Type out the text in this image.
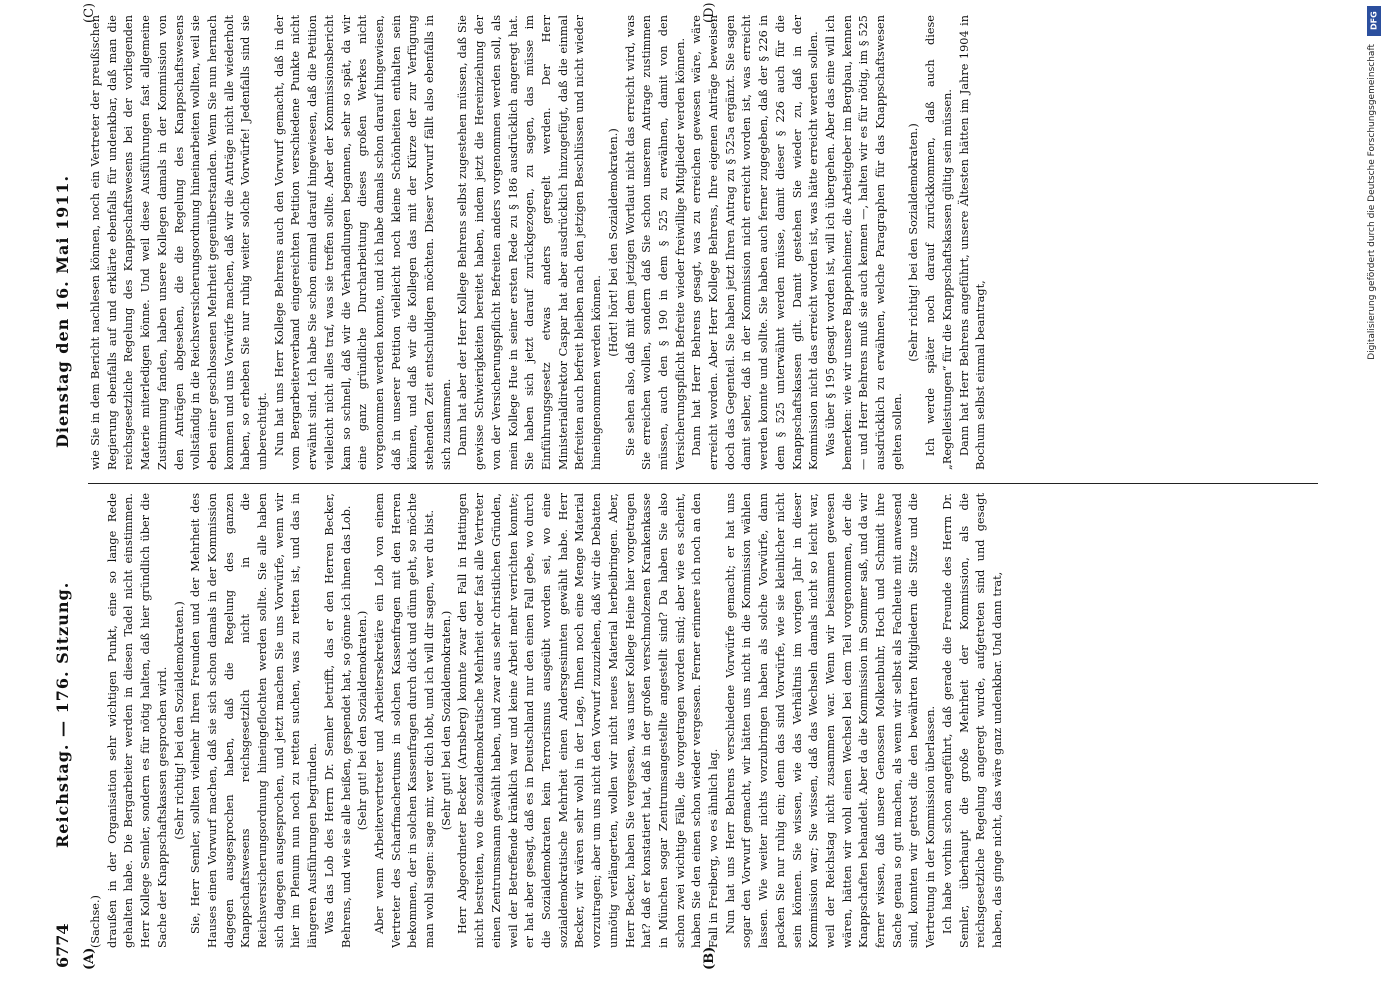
6774
Reichstag. — 176. Sitzung.
Dienstag den 16. Mai 1911.
(A)	(B)
(C)	(D)

(Sachse.) draußen in der Organisation sehr wichtigen Punkt, eine so lange Rede gehalten habe. Die Bergarbeiter werden in diesen Tadel nicht einstimmen. Herr Kollege Semler, sondern es für nötig halten, daß hier gründlich über die Sache der Knappschaftskassen gesprochen wird. (Sehr richtig! bei den Sozialdemokraten.) Sie, Herr Semler, sollten vielmehr Ihren Freunden und der Mehrheit des Hauses einen Vorwurf machen, daß sie sich schon damals in der Kommission dagegen ausgesprochen haben, daß die Regelung des ganzen Knappschaftswesens reichsgesetzlich nicht in die Reichsversicherungsordnung hineingeflochten werden sollte. Sie alle haben sich dagegen ausgesprochen, und jetzt machen Sie uns Vorwürfe, wenn wir hier im Plenum nun noch zu retten suchen, was zu retten ist, und das in längeren Ausführungen begründen. Was das Lob des Herrn Dr. Semler betrifft, das er den Herren Becker, Behrens, und wie sie alle heißen, gespendet hat, so gönne ich ihnen das Lob. (Sehr gut! bei den Sozialdemokraten.) Aber wenn Arbeitervertreter und Arbeitersekretäre ein Lob von einem Vertreter des Scharfmachertums in solchen Kassenfragen mit den Herren bekommen, der in solchen Kassenfragen durch dick und dünn geht, so möchte man wohl sagen: sage mir, wer dich lobt, und ich will dir sagen, wer du bist. (Sehr gut! bei den Sozialdemokraten.) Herr Abgeordneter Becker (Arnsberg) konnte zwar den Fall in Hattingen nicht bestreiten, wo die sozialdemokratische Mehrheit oder fast alle Vertreter einen Zentrumsmann gewählt haben, und zwar aus sehr christlichen Gründen, weil der Betreffende kränklich war und keine Arbeit mehr verrichten konnte; er hat aber gesagt, daß es in Deutschland nur den einen Fall gebe, wo durch die Sozialdemokraten kein Terrorismus ausgeübt worden sei, wo eine sozialdemokratische Mehrheit einen Andersgesinnten gewählt habe. Herr Becker, wir wären sehr wohl in der Lage, Ihnen noch eine Menge Material vorzutragen; aber um uns nicht den Vorwurf zuzuziehen, daß wir die Debatten unnötig verlängerten, wollen wir nicht neues Material herbeibringen. Aber, Herr Becker, haben Sie vergessen, was unser Kollege Heine hier vorgetragen hat? daß er konstatiert hat, daß in der großen verschmolzenen Krankenkasse in München sogar Zentrumsangestellte angestellt sind? Da haben Sie also schon zwei wichtige Fälle, die vorgetragen worden sind; aber wie es scheint, haben Sie den einen schon wieder vergessen. Ferner erinnere ich noch an den Fall in Freiberg, wo es ähnlich lag. Nun hat uns Herr Behrens verschiedene Vorwürfe gemacht; er hat uns sogar den Vorwurf gemacht, wir hätten uns nicht in die Kommission wählen lassen. Wie weiter nichts vorzubringen haben als solche Vorwürfe, dann packen Sie nur ruhig ein; denn das sind Vorwürfe, wie sie kleinlicher nicht sein können. Sie wissen, wie das Verhältnis im vorigen Jahr in dieser Kommission war; Sie wissen, daß das Wechseln damals nicht so leicht war, weil der Reichstag nicht zusammen war. Wenn wir beisammen gewesen wären, hätten wir wohl einen Wechsel bei dem Teil vorgenommen, der die Knappschaften behandelt. Aber da die Kommission im Sommer saß, und da wir ferner wissen, daß unsere Genossen Molkenbuhr, Hoch und Schmidt ihre Sache genau so gut machen, als wenn wir selbst als Fachleute mit anwesend sind, konnten wir getrost die den bewährten Mitgliedern die Sitze und die Vertretung in der Kommission überlassen. Ich habe vorhin schon angeführt, daß gerade die Freunde des Herrn Dr. Semler, überhaupt die große Mehrheit der Kommission, als die reichsgesetzliche Regelung angeregt wurde, aufgetreten sind und gesagt haben, das ginge nicht, das wäre ganz undenkbar. Und dann trat,

wie Sie in dem Bericht nachlesen können, noch ein Vertreter der preußischen Regierung ebenfalls auf und erklärte ebenfalls für undenkbar, daß man die reichsgesetzliche Regelung des Knappschaftswesens bei der vorliegenden Materie miterledigen könne. Und weil diese Ausführungen fast allgemeine Zustimmung fanden, haben unsere Kollegen damals in der Kommission von den Anträgen abgesehen, die die Regelung des Knappschaftswesens vollständig in die Reichsversicherungsordnung hineinarbeiten wollten, weil sie eben einer geschlossenen Mehrheit gegenüberstanden. Wenn Sie nun hernach kommen und uns Vorwürfe machen, daß wir die Anträge nicht alle wiederholt haben, so erheben Sie nur ruhig weiter solche Vorwürfe! Jedenfalls sind sie unberechtigt. Nun hat uns Herr Kollege Behrens auch den Vorwurf gemacht, daß in der vom Bergarbeiterverband eingereichten Petition verschiedene Punkte nicht erwähnt sind. Ich habe Sie schon einmal darauf hingewiesen, daß die Petition vielleicht nicht alles traf, was sie treffen sollte. Aber der Kommissionsbericht kam so schnell, daß wir die Verhandlungen begannen, sehr so spät, da wir eine ganz gründliche Durcharbeitung dieses großen Werkes nicht vorgenommen werden konnte, und ich habe damals schon darauf hingewiesen, daß in unserer Petition vielleicht noch kleine Schönheiten enthalten sein können, und daß wir die Kollegen das mit der Kürze der zur Verfügung stehenden Zeit entschuldigen möchten. Dieser Vorwurf fällt also ebenfalls in sich zusammen. Dann hat aber der Herr Kollege Behrens selbst zugestehen müssen, daß Sie gewisse Schwierigkeiten bereitet haben, indem jetzt die Hereinziehung der von der Versicherungspflicht Befreiten anders vorgenommen werden soll, als mein Kollege Hue in seiner ersten Rede zu § 186 ausdrücklich angeregt hat. Sie haben sich jetzt darauf zurückgezogen, zu sagen, das müsse im Einführungsgesetz etwas anders geregelt werden. Der Herr Ministerialdirektor Caspar hat aber ausdrücklich hinzugefügt, daß die einmal Befreiten auch befreit bleiben nach den jetzigen Beschlüssen und nicht wieder hineingenommen werden können.

(Hört! hört! bei den Sozialdemokraten.) Sie sehen also, daß mit dem jetzigen Wortlaut nicht das erreicht wird, was Sie erreichen wollen, sondern daß Sie schon unserem Antrage zustimmen müssen, auch den § 190 in dem § 525 zu erwähnen, damit von den Versicherungspflicht Befreite wieder freiwillige Mitglieder werden können. Dann hat Herr Behrens gesagt, was zu erreichen gewesen wäre, wäre erreicht worden. Aber Herr Kollege Behrens, Ihre eigenen Anträge beweisen doch das Gegenteil. Sie haben jetzt Ihren Antrag zu § 525a ergänzt. Sie sagen damit selber, daß in der Kommission nicht erreicht worden ist, was erreicht werden konnte und sollte. Sie haben auch ferner zugegeben, daß der § 226 in dem § 525 unterwähnt werden müsse, damit dieser § 226 auch für die Knappschaftskassen gilt. Damit gestehen Sie wieder zu, daß in der Kommission nicht das erreicht worden ist, was hätte erreicht werden sollen. Was über § 195 gesagt worden ist, will ich übergehen. Aber das eine will ich bemerken: wie wir unsere Bappenheimer, die Arbeitgeber im Bergbau, kennen — und Herr Behrens muß sie auch kennen —, halten wir es für nötig, im § 525 ausdrücklich zu erwähnen, welche Paragraphen für das Knappschaftswesen gelten sollen.

(Sehr richtig! bei den Sozialdemokraten.) Ich werde später noch darauf zurückkommen, daß auch diese „Regelleistungen“ für die Knappschaftskassen gültig sein müssen. Dann hat Herr Behrens angeführt, unsere Ältesten hätten im Jahre 1904 in Bochum selbst einmal beantragt,

DFG
Digitalisierung gefördert durch die Deutsche Forschungsgemeinschaft
